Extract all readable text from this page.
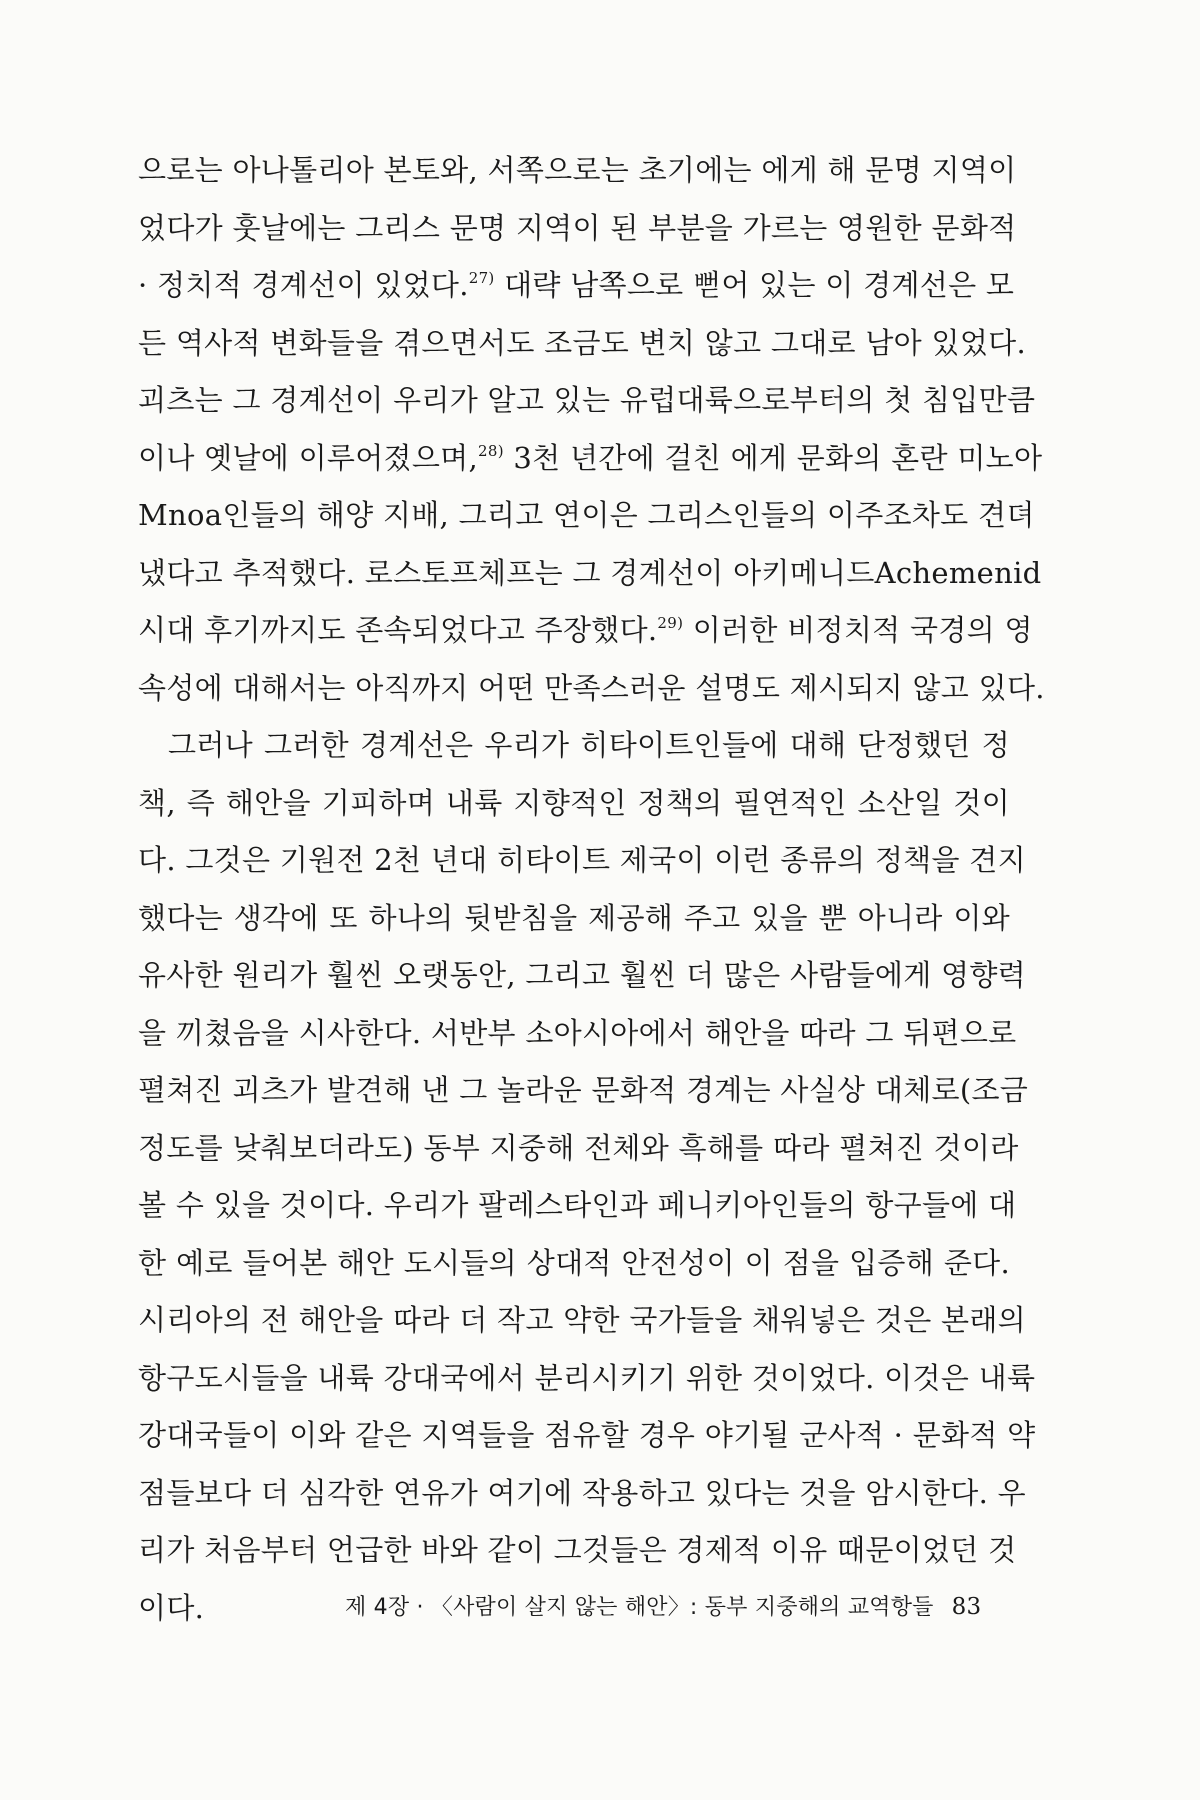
으로는 아나톨리아 본토와, 서쪽으로는 초기에는 에게 해 문명 지역이
었다가 훗날에는 그리스 문명 지역이 된 부분을 가르는 영원한 문화적
· 정치적 경계선이 있었다.$^{27)}$ 대략 남쪽으로 뻗어 있는 이 경계선은 모
든 역사적 변화들을 겪으면서도 조금도 변치 않고 그대로 남아 있었다.
괴츠는 그 경계선이 우리가 알고 있는 유럽대륙으로부터의 첫 침입만큼
이나 옛날에 이루어졌으며,$^{28)}$ 3천 년간에 걸친 에게 문화의 혼란 미노아
Mnoa인들의 해양 지배, 그리고 연이은 그리스인들의 이주조차도 견뎌
냈다고 추적했다. 로스토프체프는 그 경계선이 아키메니드Achemenid
시대 후기까지도 존속되었다고 주장했다.$^{29)}$ 이러한 비정치적 국경의 영
속성에 대해서는 아직까지 어떤 만족스러운 설명도 제시되지 않고 있다.
그러나 그러한 경계선은 우리가 히타이트인들에 대해 단정했던 정
책, 즉 해안을 기피하며 내륙 지향적인 정책의 필연적인 소산일 것이
다. 그것은 기원전 2천 년대 히타이트 제국이 이런 종류의 정책을 견지
했다는 생각에 또 하나의 뒷받침을 제공해 주고 있을 뿐 아니라 이와
유사한 원리가 훨씬 오랫동안, 그리고 훨씬 더 많은 사람들에게 영향력
을 끼쳤음을 시사한다. 서반부 소아시아에서 해안을 따라 그 뒤편으로
펼쳐진 괴츠가 발견해 낸 그 놀라운 문화적 경계는 사실상 대체로(조금
정도를 낮춰보더라도) 동부 지중해 전체와 흑해를 따라 펼쳐진 것이라
볼 수 있을 것이다. 우리가 팔레스타인과 페니키아인들의 항구들에 대
한 예로 들어본 해안 도시들의 상대적 안전성이 이 점을 입증해 준다.
시리아의 전 해안을 따라 더 작고 약한 국가들을 채워넣은 것은 본래의
항구도시들을 내륙 강대국에서 분리시키기 위한 것이었다. 이것은 내륙
강대국들이 이와 같은 지역들을 점유할 경우 야기될 군사적 · 문화적 약
점들보다 더 심각한 연유가 여기에 작용하고 있다는 것을 암시한다. 우
리가 처음부터 언급한 바와 같이 그것들은 경제적 이유 때문이었던 것
이다.	제 4장 · 〈사람이 살지 않는 해안〉: 동부 지중해의 교역항들 83
